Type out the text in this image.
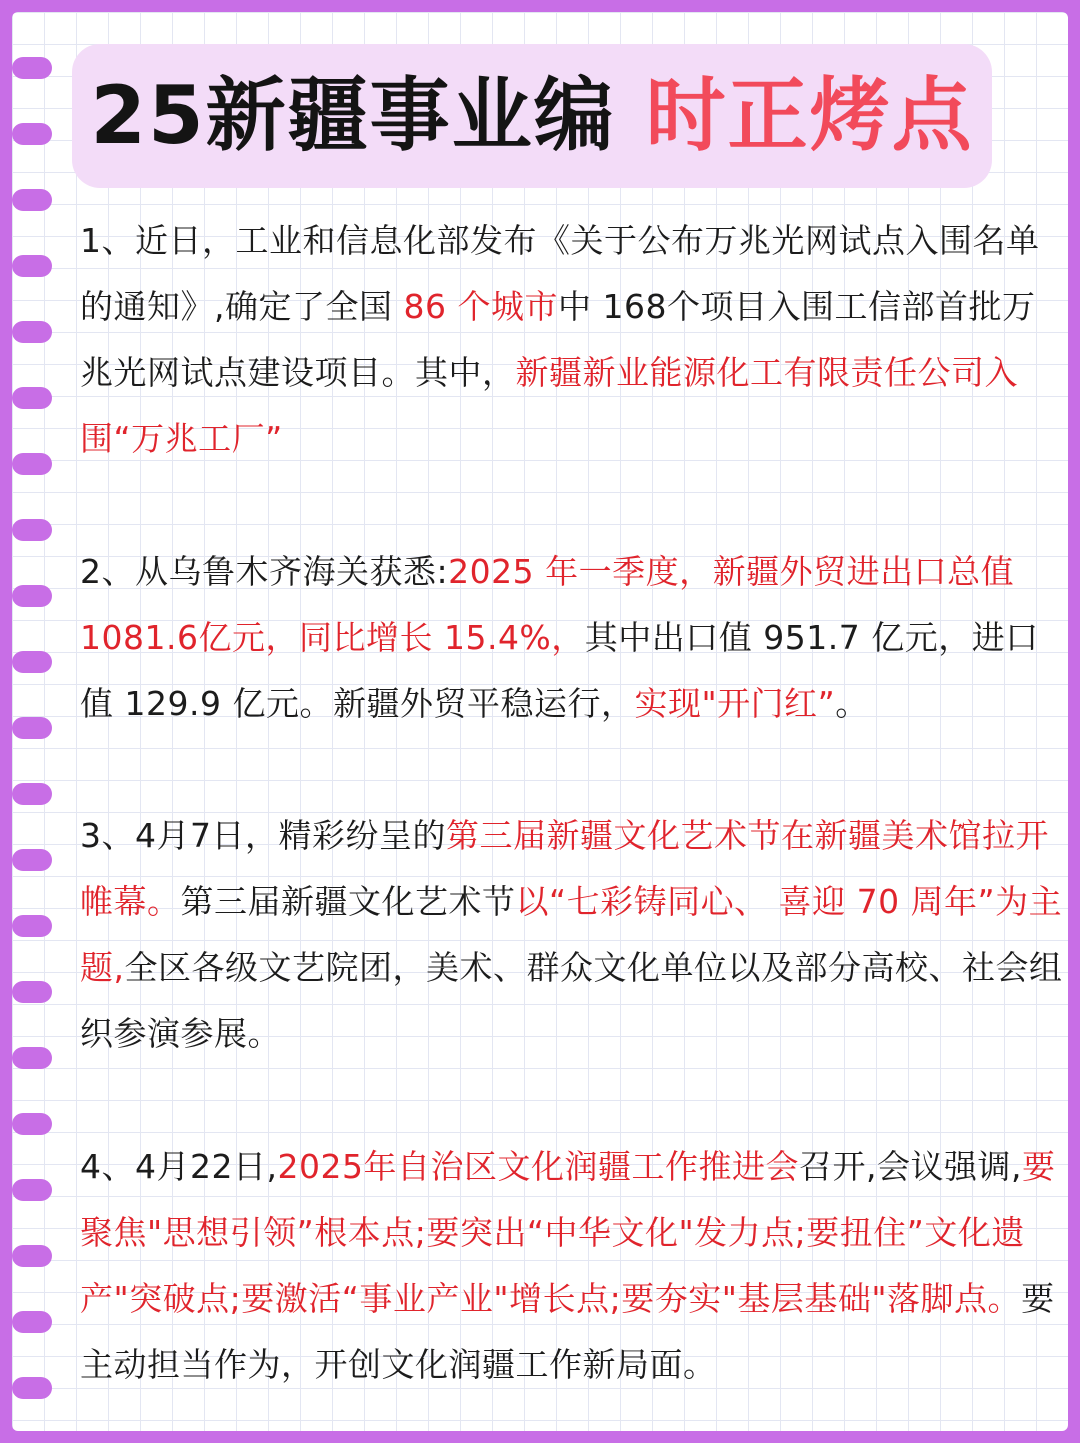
25新疆事业编 时正烤点
1、近日，工业和信息化部发布《关于公布万兆光网试点入围名单的通知》,确定了全国 86 个城市中 168个项目入围工信部首批万兆光网试点建设项目。其中，新疆新业能源化工有限责任公司入围“万兆工厂”
2、从乌鲁木齐海关获悉:2025 年一季度，新疆外贸进出口总值 1081.6亿元，同比增长 15.4%，其中出口值 951.7 亿元，进口值 129.9 亿元。新疆外贸平稳运行，实现"开门红”。
3、4月7日，精彩纷呈的第三届新疆文化艺术节在新疆美术馆拉开帷幕。第三届新疆文化艺术节以“七彩铸同心、 喜迎 70 周年”为主题,全区各级文艺院团，美术、群众文化单位以及部分高校、社会组织参演参展。
4、4月22日,2025年自治区文化润疆工作推进会召开,会议强调,要聚焦"思想引领”根本点;要突出“中华文化"发力点;要扭住”文化遗产"突破点;要激活“事业产业"增长点;要夯实"基层基础"落脚点。要主动担当作为，开创文化润疆工作新局面。
